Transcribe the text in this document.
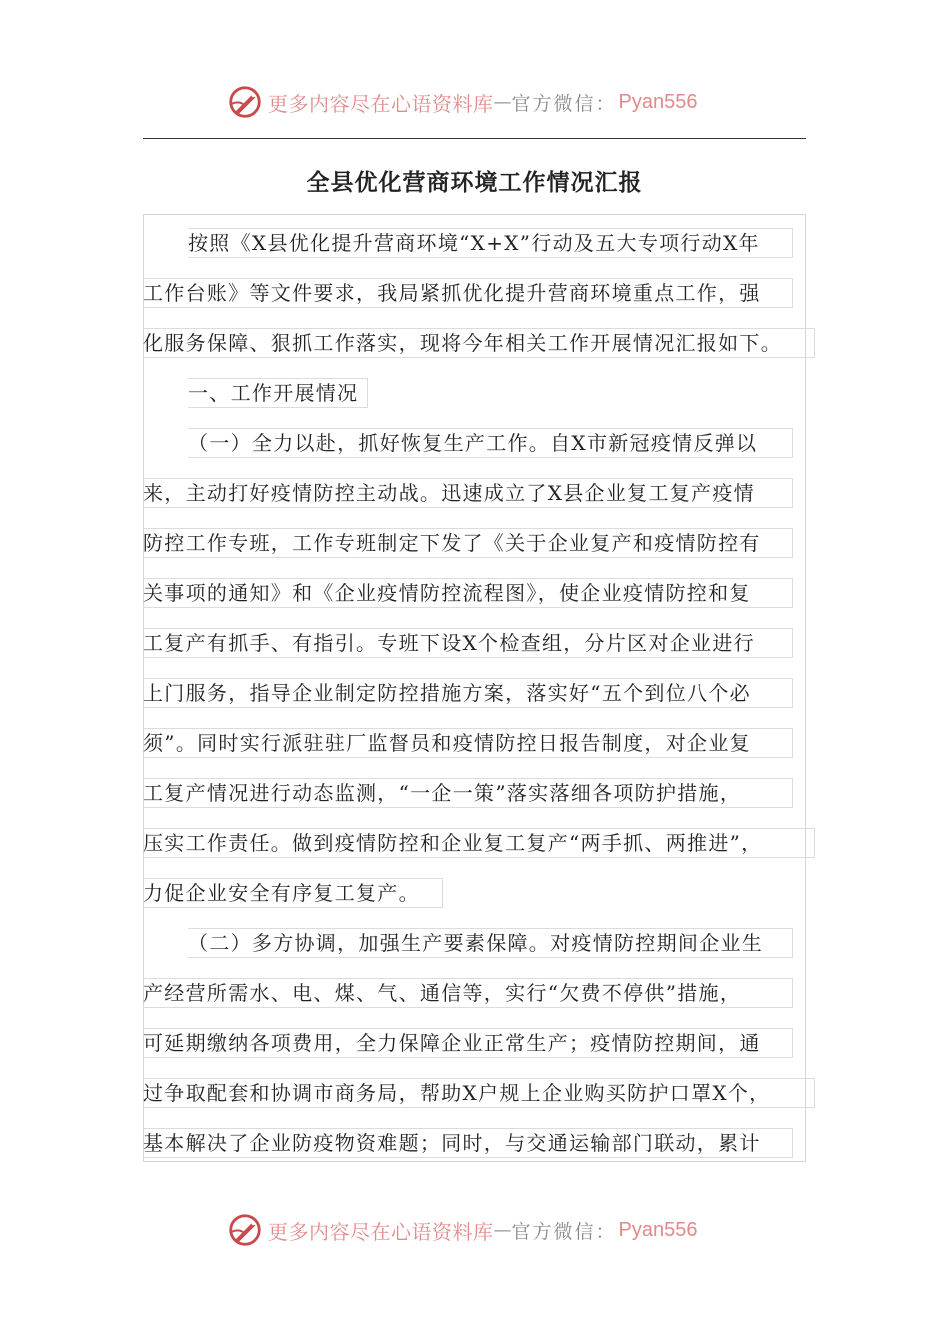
更多内容尽在心语资料库 — 官方微信： Pyan556
全县优化营商环境工作情况汇报
按照《X县优化提升营商环境“X+X”行动及五大专项行动X年
工作台账》等文件要求，我局紧抓优化提升营商环境重点工作，强
化服务保障、狠抓工作落实，现将今年相关工作开展情况汇报如下。
一、工作开展情况
（一）全力以赴，抓好恢复生产工作。自X市新冠疫情反弹以
来，主动打好疫情防控主动战。迅速成立了X县企业复工复产疫情
防控工作专班，工作专班制定下发了《关于企业复产和疫情防控有
关事项的通知》和《企业疫情防控流程图》，使企业疫情防控和复
工复产有抓手、有指引。专班下设X个检查组，分片区对企业进行
上门服务，指导企业制定防控措施方案，落实好“五个到位八个必
须”。同时实行派驻驻厂监督员和疫情防控日报告制度，对企业复
工复产情况进行动态监测，“一企一策”落实落细各项防护措施，
压实工作责任。做到疫情防控和企业复工复产“两手抓、两推进”，
力促企业安全有序复工复产。
（二）多方协调，加强生产要素保障。对疫情防控期间企业生
产经营所需水、电、煤、气、通信等，实行“欠费不停供”措施，
可延期缴纳各项费用，全力保障企业正常生产；疫情防控期间，通
过争取配套和协调市商务局，帮助X户规上企业购买防护口罩X个，
基本解决了企业防疫物资难题；同时，与交通运输部门联动，累计
更多内容尽在心语资料库 — 官方微信： Pyan556
